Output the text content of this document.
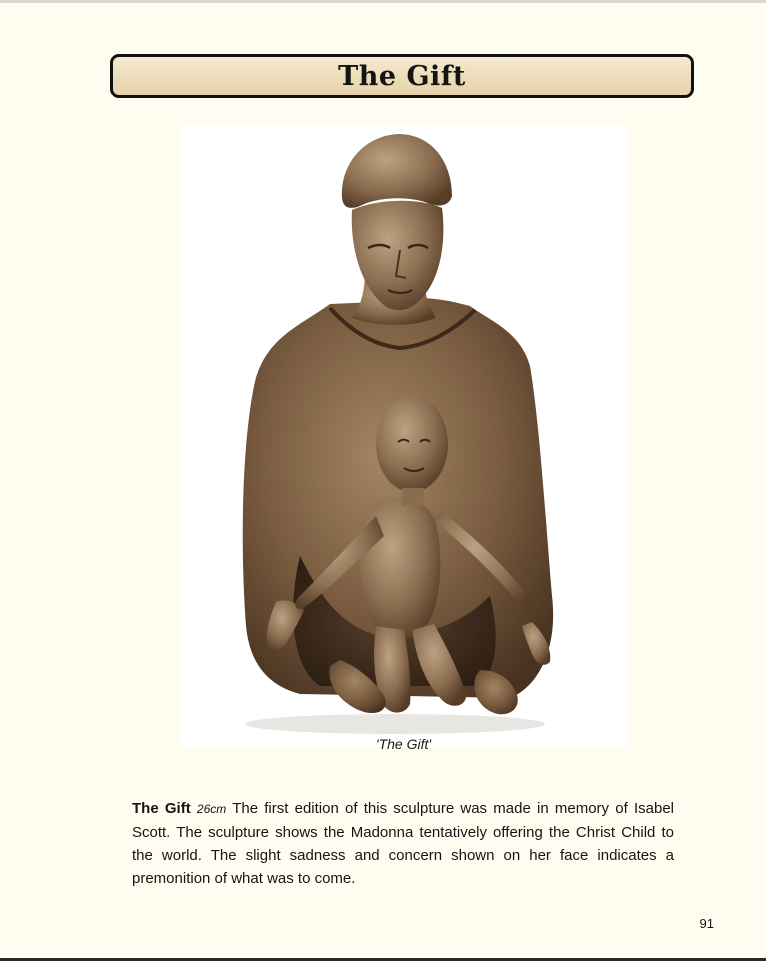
The Gift
'The Gift'

The Gift 26cm The first edition of this sculpture was made in memory of Isabel Scott. The sculpture shows the Madonna tentatively offering the Christ Child to the world. The slight sadness and concern shown on her face indicates a premonition of what was to come.

91
